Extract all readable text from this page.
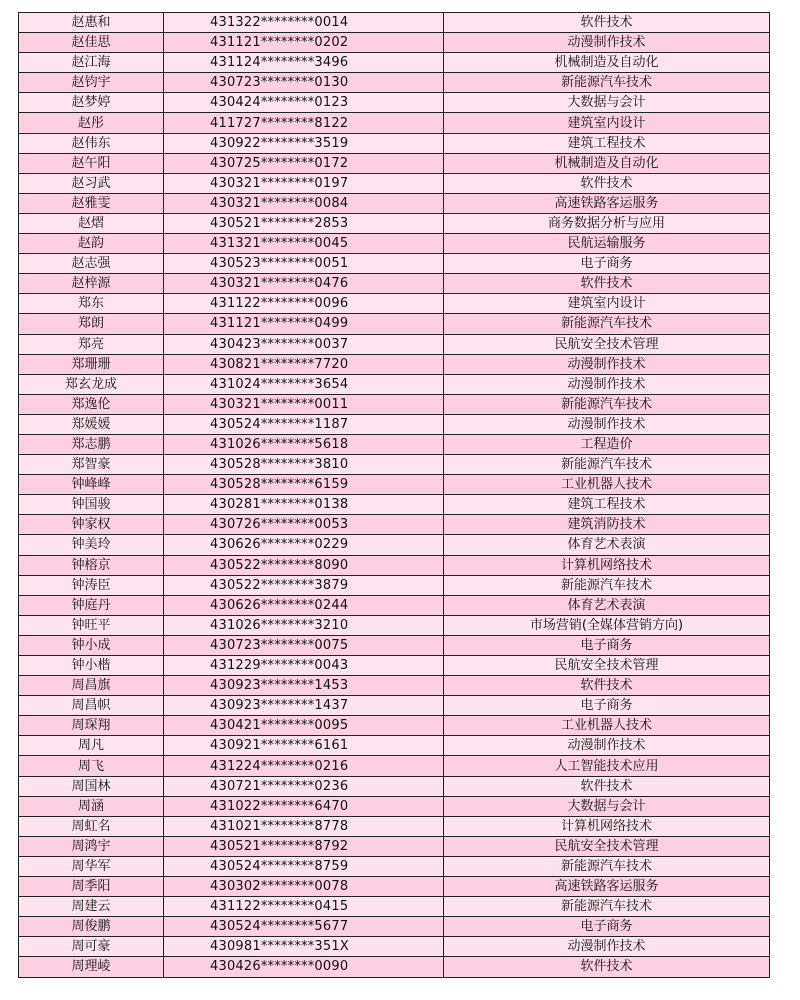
赵惠和	431322********0014	软件技术
赵佳思	431121********0202	动漫制作技术
赵江海	431124********3496	机械制造及自动化
赵钧宇	430723********0130	新能源汽车技术
赵梦婷	430424********0123	大数据与会计
赵彤	411727********8122	建筑室内设计
赵伟东	430922********3519	建筑工程技术
赵午阳	430725********0172	机械制造及自动化
赵习武	430321********0197	软件技术
赵雅雯	430321********0084	高速铁路客运服务
赵熠	430521********2853	商务数据分析与应用
赵韵	431321********0045	民航运输服务
赵志强	430523********0051	电子商务
赵梓源	430321********0476	软件技术
郑东	431122********0096	建筑室内设计
郑朗	431121********0499	新能源汽车技术
郑亮	430423********0037	民航安全技术管理
郑珊珊	430821********7720	动漫制作技术
郑玄龙成	431024********3654	动漫制作技术
郑逸伦	430321********0011	新能源汽车技术
郑媛媛	430524********1187	动漫制作技术
郑志鹏	431026********5618	工程造价
郑智豪	430528********3810	新能源汽车技术
钟峰峰	430528********6159	工业机器人技术
钟国骏	430281********0138	建筑工程技术
钟家权	430726********0053	建筑消防技术
钟美玲	430626********0229	体育艺术表演
钟榕京	430522********8090	计算机网络技术
钟涛臣	430522********3879	新能源汽车技术
钟庭丹	430626********0244	体育艺术表演
钟旺平	431026********3210	市场营销(全媒体营销方向)
钟小成	430723********0075	电子商务
钟小楷	431229********0043	民航安全技术管理
周昌旗	430923********1453	软件技术
周昌帜	430923********1437	电子商务
周琛翔	430421********0095	工业机器人技术
周凡	430921********6161	动漫制作技术
周飞	431224********0216	人工智能技术应用
周国林	430721********0236	软件技术
周涵	431022********6470	大数据与会计
周虹名	431021********8778	计算机网络技术
周鸿宇	430521********8792	民航安全技术管理
周华军	430524********8759	新能源汽车技术
周季阳	430302********0078	高速铁路客运服务
周建云	431122********0415	新能源汽车技术
周俊鹏	430524********5677	电子商务
周可豪	430981********351X	动漫制作技术
周理崚	430426********0090	软件技术
